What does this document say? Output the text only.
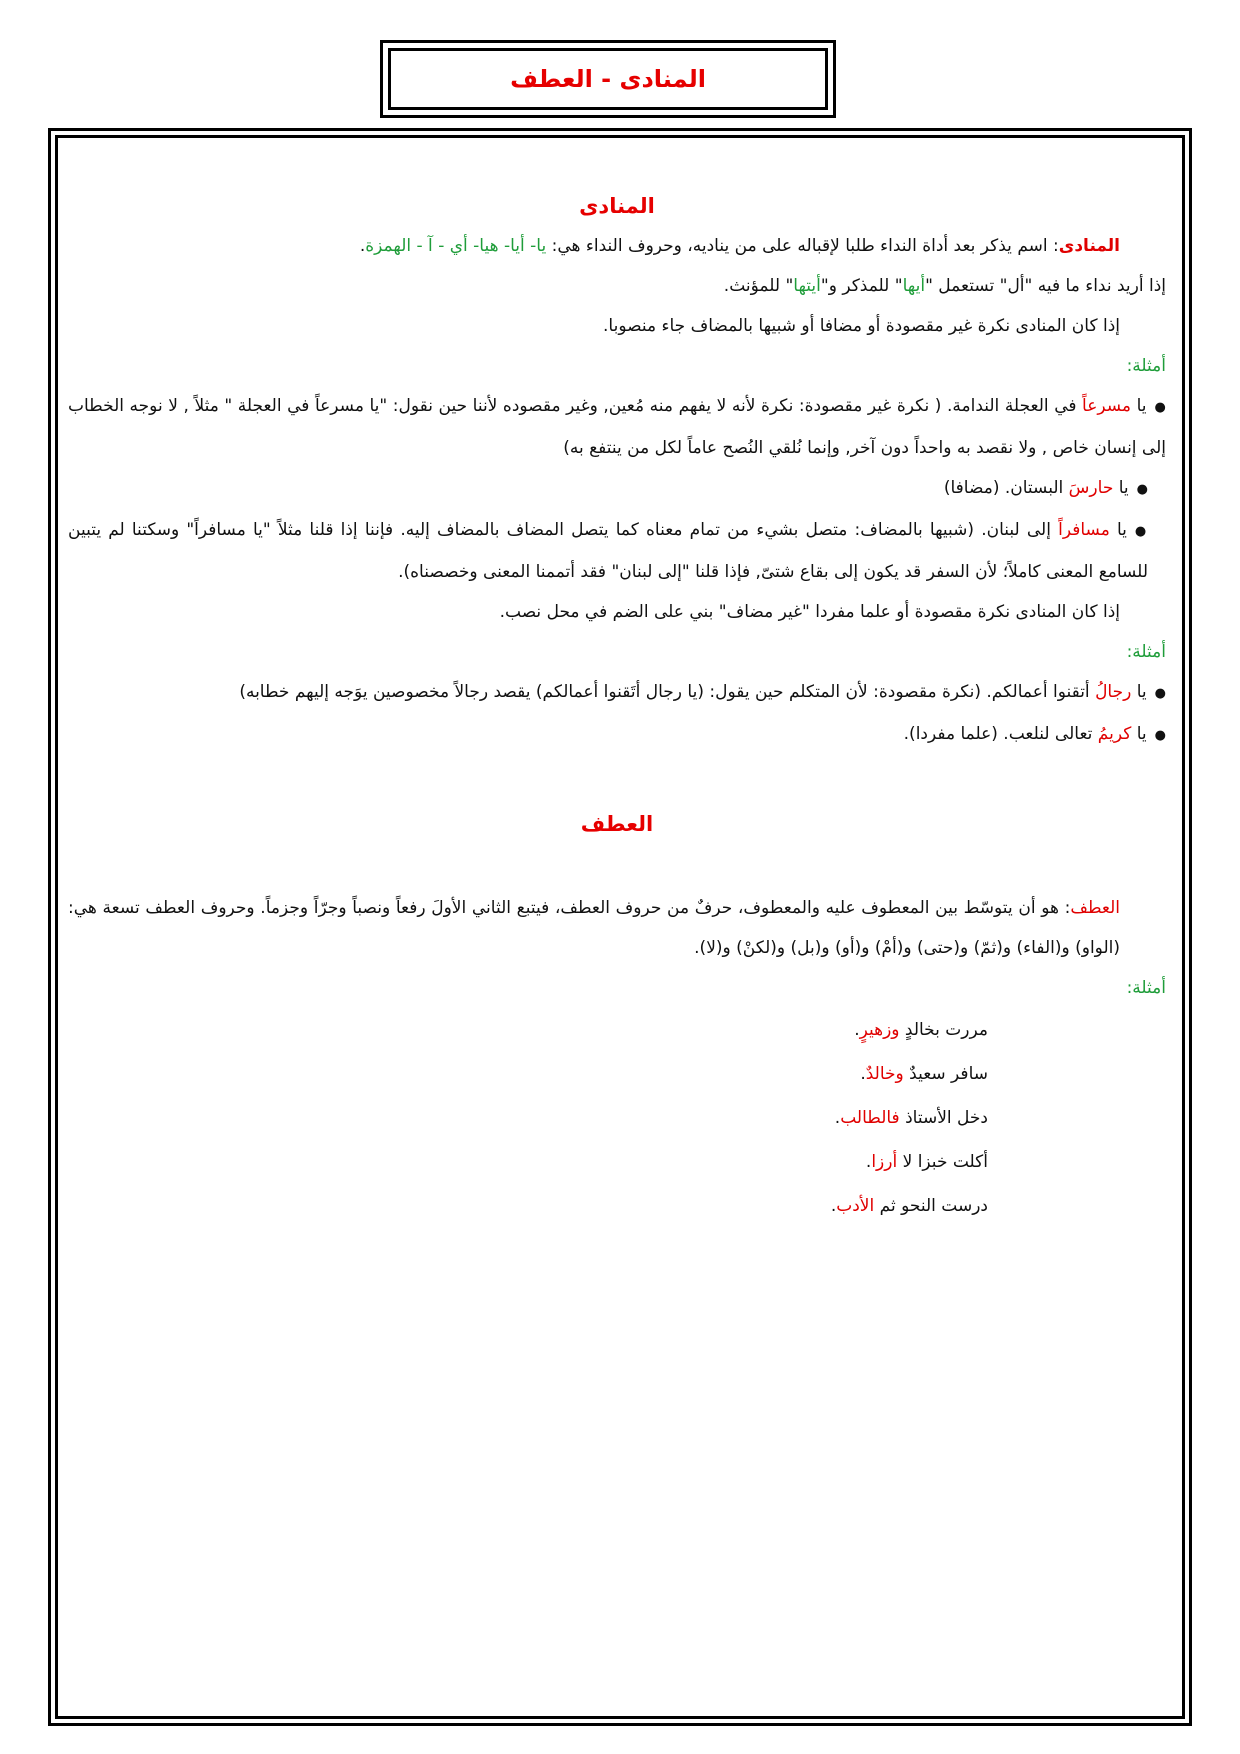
المنادى - العطف
المنادى

المنادى: اسم يذكر بعد أداة النداء طلبا لإقباله على من يناديه، وحروف النداء هي: يا- أيا- هيا- أي - آ - الهمزة.

إذا أريد نداء ما فيه "أل" تستعمل "أيها" للمذكر و"أيتها" للمؤنث.

إذا كان المنادى نكرة غير مقصودة أو مضافا أو شبيها بالمضاف جاء منصوبا.

أمثلة:

●يا مسرعاً في العجلة الندامة. ( نكرة غير مقصودة: نكرة لأنه لا يفهم منه مُعين, وغير مقصوده لأننا حين نقول: "يا مسرعاً في العجلة " مثلاً , لا نوجه الخطاب إلى إنسان خاص , ولا نقصد به واحداً دون آخر, وإنما نُلقي النُصح عاماً لكل من ينتفع به)

●يا حارسَ البستان. (مضافا)

●يا مسافراً إلى لبنان. (شبيها بالمضاف: متصل بشيء من تمام معناه كما يتصل المضاف بالمضاف إليه. فإننا إذا قلنا مثلاً "يا مسافراً" وسكتنا لم يتبين للسامع المعنى كاملاً؛ لأن السفر قد يكون إلى بقاع شتىّ, فإذا قلنا "إلى لبنان" فقد أتممنا المعنى وخصصناه).

إذا كان المنادى نكرة مقصودة أو علما مفردا "غير مضاف" بني على الضم في محل نصب.

أمثلة:

●يا رجالُ أتقنوا أعمالكم. (نكرة مقصودة: لأن المتكلم حين يقول: (يا رجال أتَقنوا أعمالكم) يقصد رجالاً مخصوصين يوَجه إليهم خطابه)

●يا كريمُ تعالى لنلعب. (علما مفردا).

العطف

العطف: هو أن يتوسّط بين المعطوف عليه والمعطوف، حرفٌ من حروف العطف، فيتبع الثاني الأولَ رفعاً ونصباً وجرّاً وجزماً. وحروف العطف تسعة هي: (الواو) و(الفاء) و(ثمّ) و(حتى) و(أمْ) و(أو) و(بل) و(لكنْ) و(لا).

أمثلة:

مررت بخالدٍ وزهيرٍ.

سافر سعيدٌ وخالدٌ.

دخل الأستاذ فالطالب.

أكلت خبزا لا أرزا.

درست النحو ثم الأدب.
